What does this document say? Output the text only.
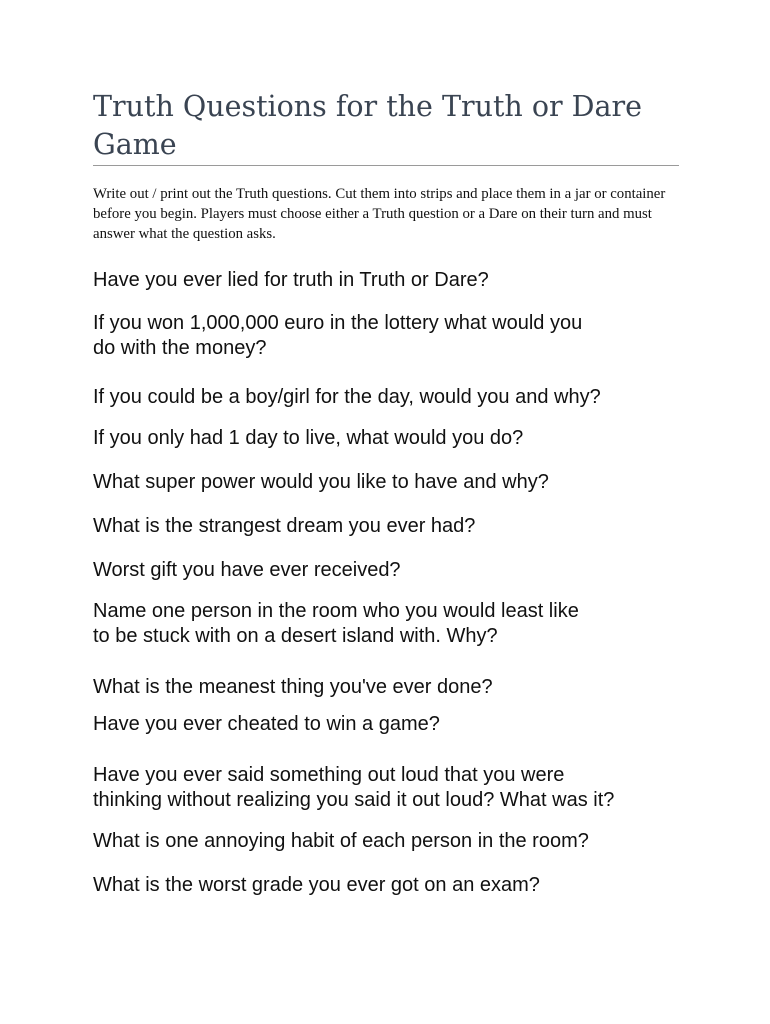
Truth Questions for the Truth or Dare Game

Write out / print out the Truth questions. Cut them into strips and place them in a jar or container before you begin. Players must choose either a Truth question or a Dare on their turn and must answer what the question asks.

Have you ever lied for truth in Truth or Dare?

If you won 1,000,000 euro in the lottery what would you
do with the money?

If you could be a boy/girl for the day, would you and why?

If you only had 1 day to live, what would you do?

What super power would you like to have and why?

What is the strangest dream you ever had?

Worst gift you have ever received?

Name one person in the room who you would least like
to be stuck with on a desert island with. Why?

What is the meanest thing you've ever done?

Have you ever cheated to win a game?

Have you ever said something out loud that you were
thinking without realizing you said it out loud? What was it?

What is one annoying habit of each person in the room?

What is the worst grade you ever got on an exam?
